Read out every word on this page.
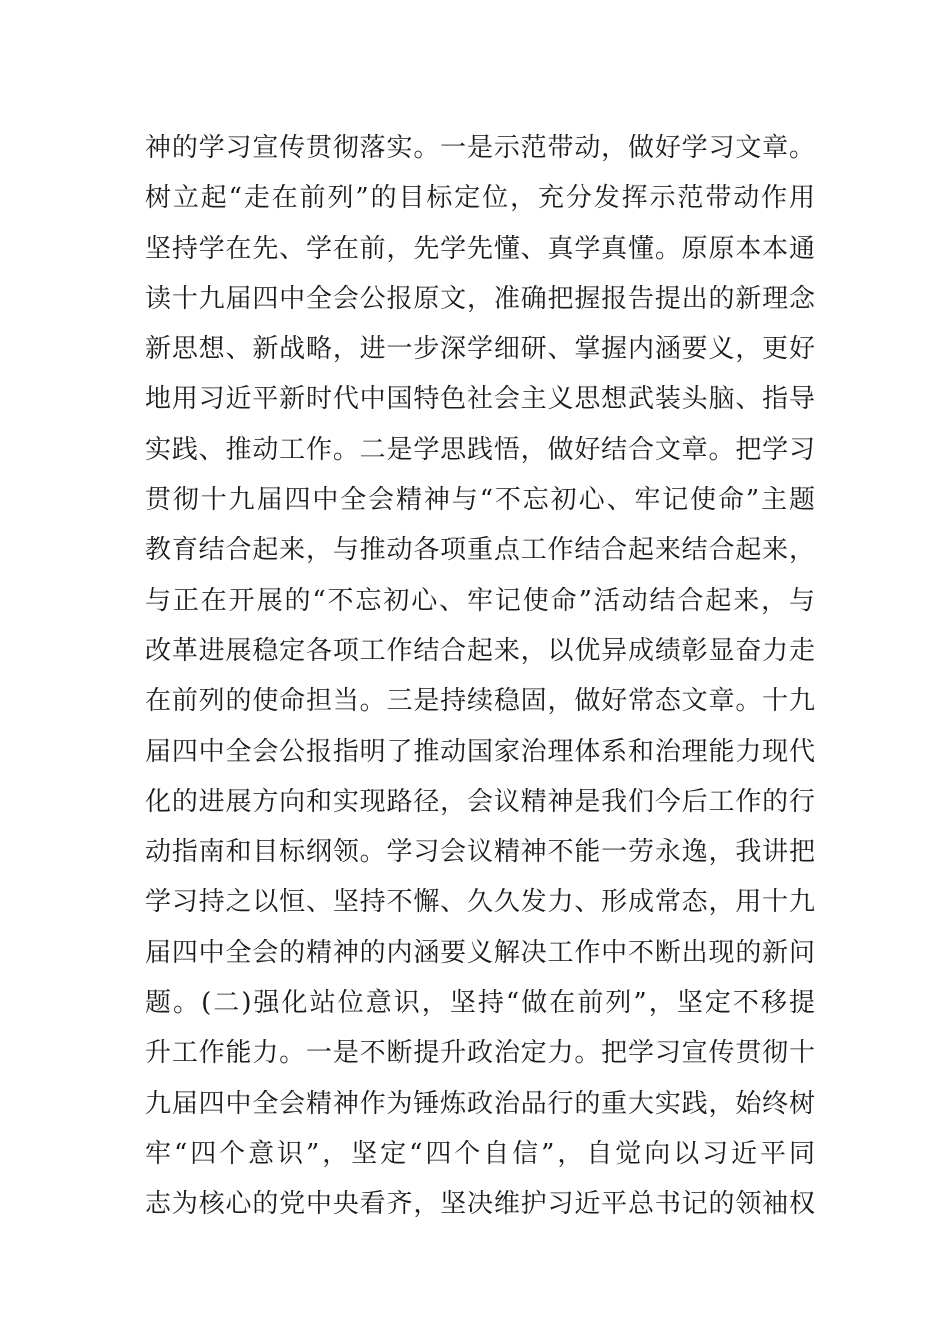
神的学习宣传贯彻落实。一是示范带动，做好学习文章。
树立起“走在前列”的目标定位，充分发挥示范带动作用
坚持学在先、学在前，先学先懂、真学真懂。原原本本通
读十九届四中全会公报原文，准确把握报告提出的新理念
新思想、新战略，进一步深学细研、掌握内涵要义，更好
地用习近平新时代中国特色社会主义思想武装头脑、指导
实践、推动工作。二是学思践悟，做好结合文章。把学习
贯彻十九届四中全会精神与“不忘初心、牢记使命”主题
教育结合起来，与推动各项重点工作结合起来结合起来，
与正在开展的“不忘初心、牢记使命”活动结合起来，与
改革进展稳定各项工作结合起来，以优异成绩彰显奋力走
在前列的使命担当。三是持续稳固，做好常态文章。十九
届四中全会公报指明了推动国家治理体系和治理能力现代
化的进展方向和实现路径，会议精神是我们今后工作的行
动指南和目标纲领。学习会议精神不能一劳永逸，我讲把
学习持之以恒、坚持不懈、久久发力、形成常态，用十九
届四中全会的精神的内涵要义解决工作中不断出现的新问
题。(二)强化站位意识，坚持“做在前列”，坚定不移提
升工作能力。一是不断提升政治定力。把学习宣传贯彻十
九届四中全会精神作为锤炼政治品行的重大实践，始终树
牢“四个意识”，坚定“四个自信”，自觉向以习近平同
志为核心的党中央看齐，坚决维护习近平总书记的领袖权
